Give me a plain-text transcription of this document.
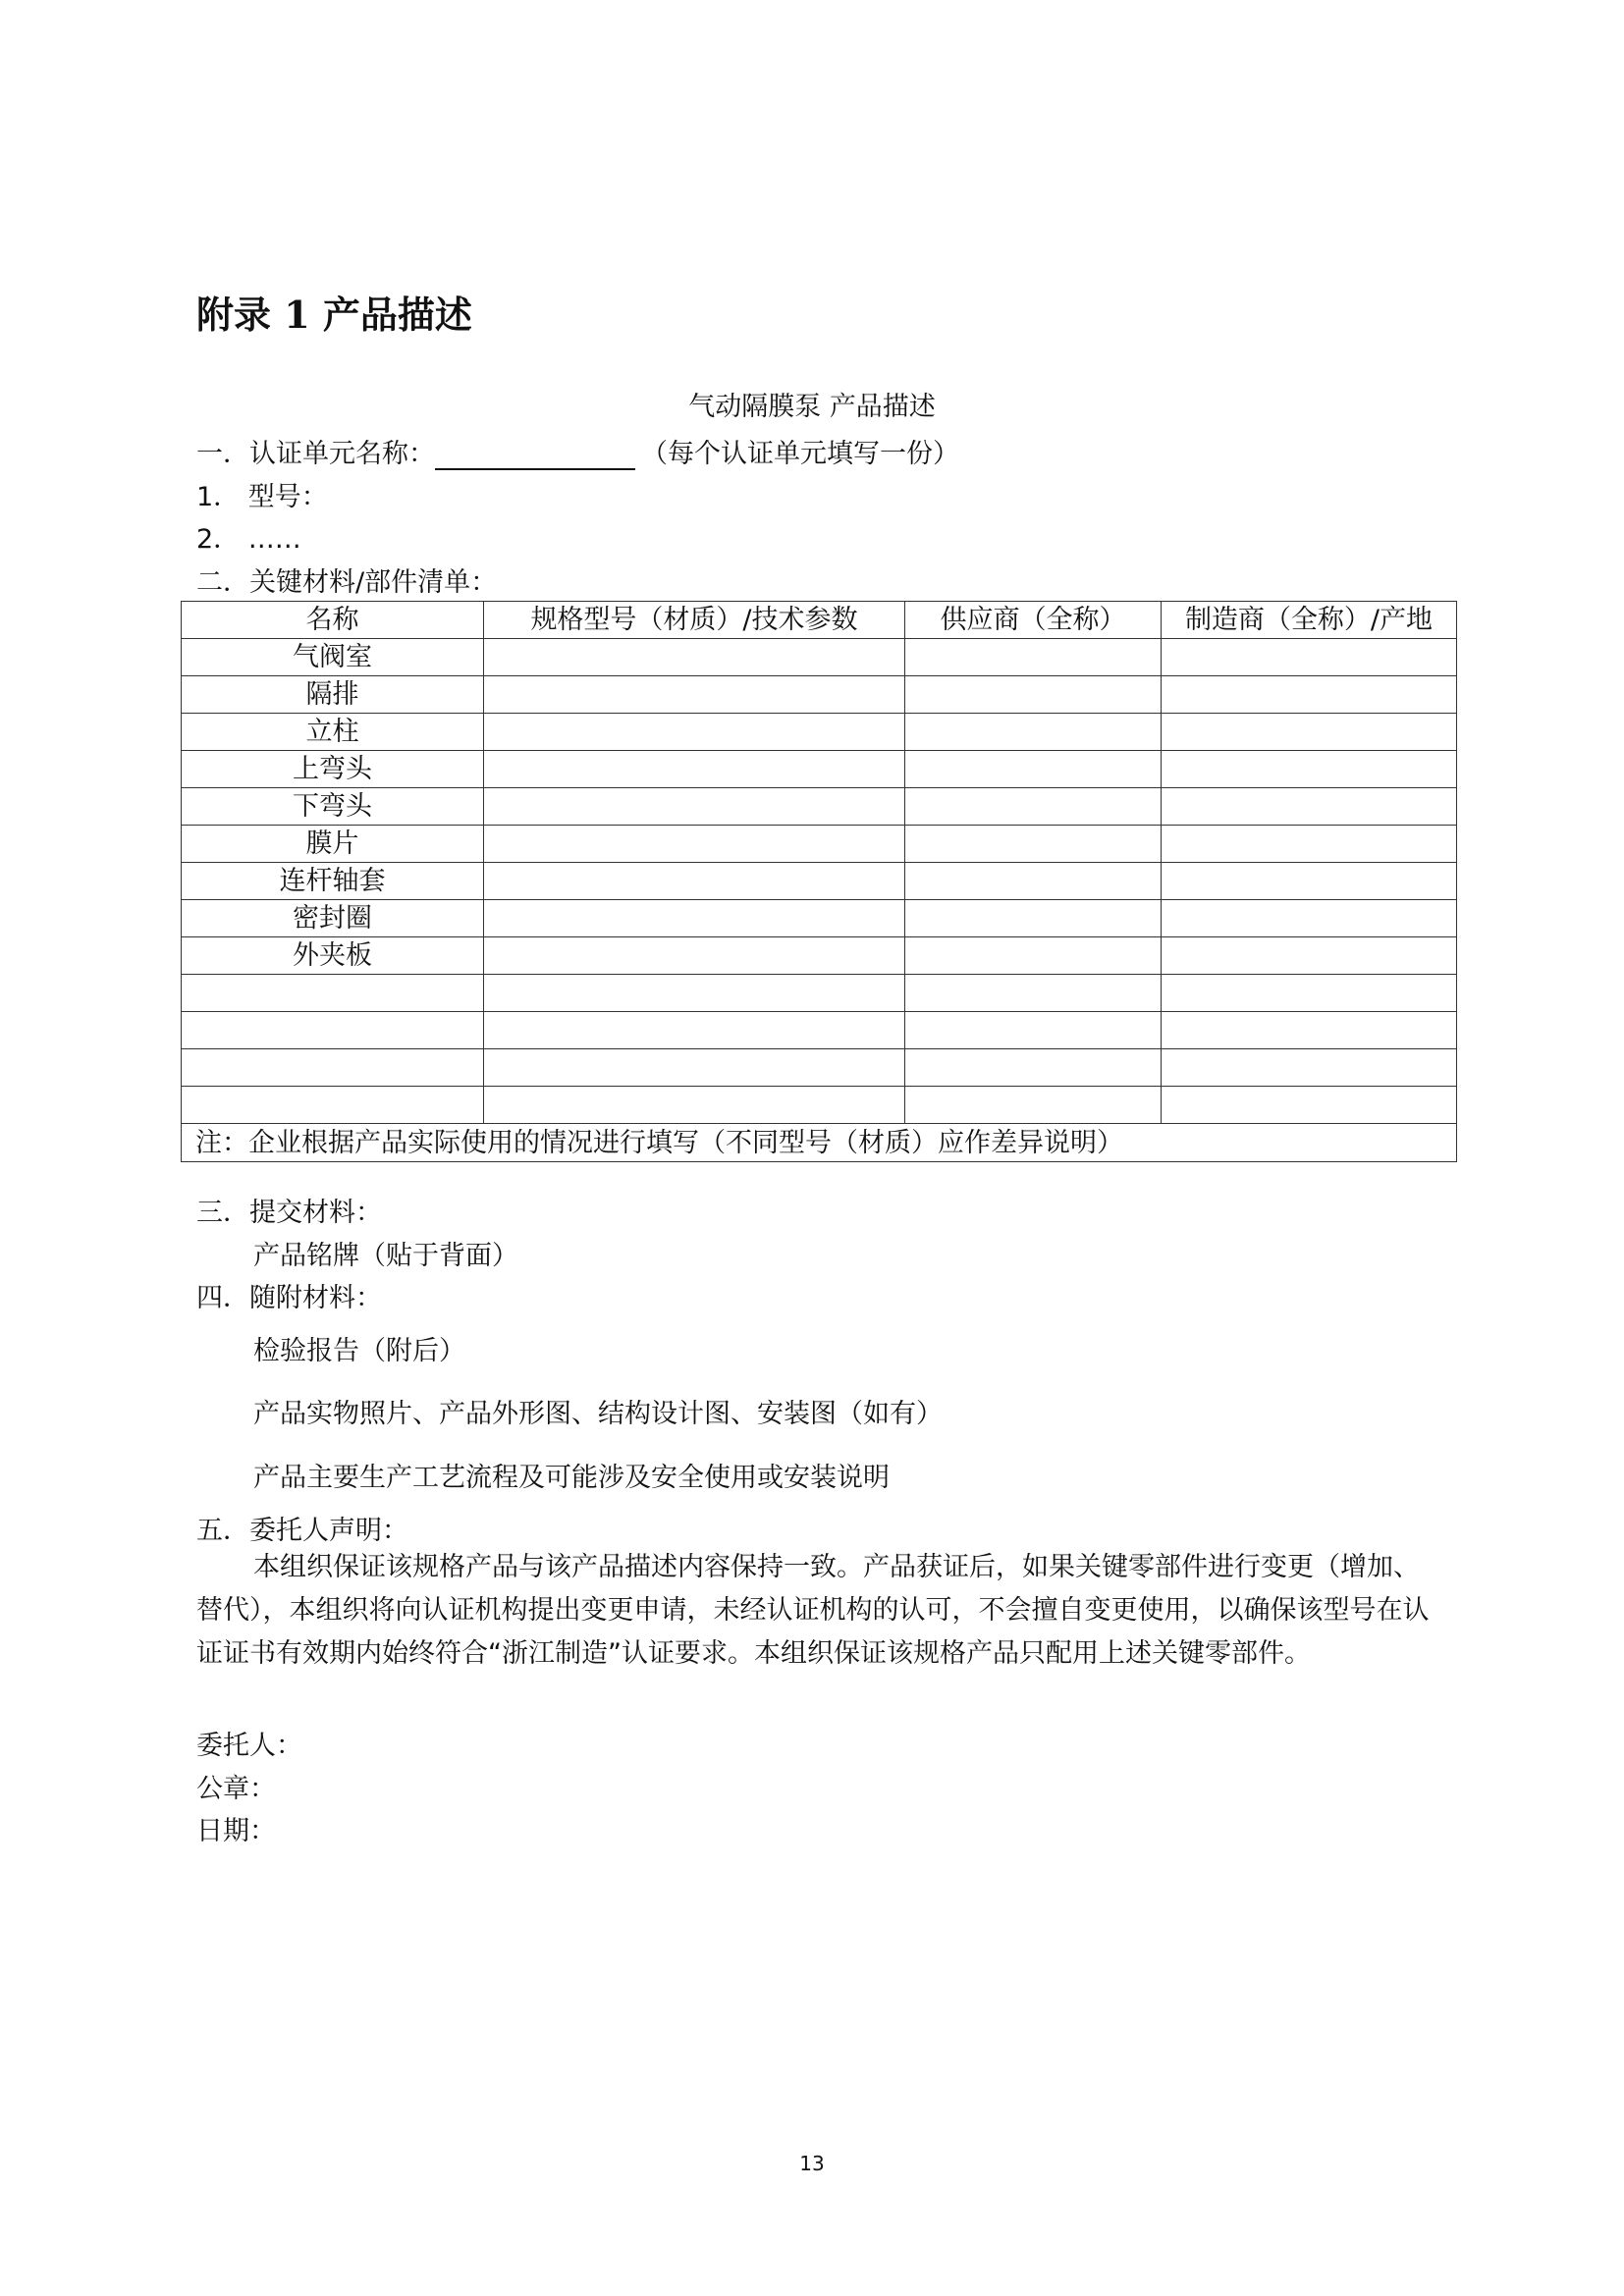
附录 1 产品描述
气动隔膜泵 产品描述
一．认证单元名称：	（每个认证单元填写一份）
1． 型号：
2． ……
二．关键材料/部件清单：
名称	规格型号（材质）/技术参数	供应商（全称）	制造商（全称）/产地
气阀室			
隔排			
立柱			
上弯头			
下弯头			
膜片			
连杆轴套			
密封圈			
外夹板			

注：企业根据产品实际使用的情况进行填写（不同型号（材质）应作差异说明）			
三．提交材料：
产品铭牌（贴于背面）
四．随附材料：
检验报告（附后）
产品实物照片、产品外形图、结构设计图、安装图（如有）
产品主要生产工艺流程及可能涉及安全使用或安装说明
五．委托人声明：
本组织保证该规格产品与该产品描述内容保持一致。产品获证后，如果关键零部件进行变更（增加、替代），本组织将向认证机构提出变更申请，未经认证机构的认可，不会擅自变更使用，以确保该型号在认证证书有效期内始终符合“浙江制造”认证要求。本组织保证该规格产品只配用上述关键零部件。
委托人：
公章：
日期：
13
